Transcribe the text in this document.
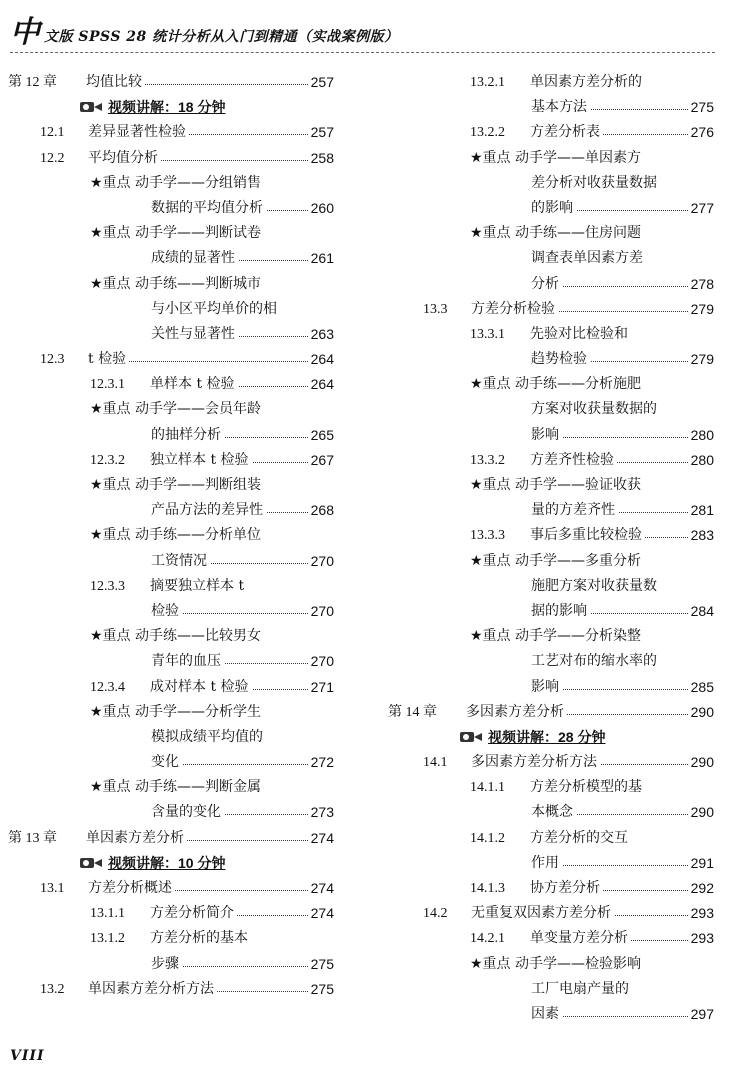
中 文版 SPSS 28 统计分析从入门到精通（实战案例版）
第 12 章 均值比较	257
视频讲解：18 分钟
12.1 差异显著性检验	257
12.2 平均值分析	258
★重点 动手学——分组销售
数据的平均值分析	260
★重点 动手学——判断试卷
成绩的显著性	261
★重点 动手练——判断城市
与小区平均单价的相
关性与显著性	263
12.3 t 检验	264
12.3.1 单样本 t 检验	264
★重点 动手学——会员年龄
的抽样分析	265
12.3.2 独立样本 t 检验	267
★重点 动手学——判断组装
产品方法的差异性	268
★重点 动手练——分析单位
工资情况	270
12.3.3 摘要独立样本 t
检验	270
★重点 动手练——比较男女
青年的血压	270
12.3.4 成对样本 t 检验	271
★重点 动手学——分析学生
模拟成绩平均值的
变化	272
★重点 动手练——判断金属
含量的变化	273
第 13 章 单因素方差分析	274
视频讲解：10 分钟
13.1 方差分析概述	274
13.1.1 方差分析简介	274
13.1.2 方差分析的基本
步骤	275
13.2 单因素方差分析方法	275
13.2.1 单因素方差分析的
基本方法	275
13.2.2 方差分析表	276
★重点 动手学——单因素方
差分析对收获量数据
的影响	277
★重点 动手练——住房问题
调查表单因素方差
分析	278
13.3 方差分析检验	279
13.3.1 先验对比检验和
趋势检验	279
★重点 动手练——分析施肥
方案对收获量数据的
影响	280
13.3.2 方差齐性检验	280
★重点 动手学——验证收获
量的方差齐性	281
13.3.3 事后多重比较检验	283
★重点 动手学——多重分析
施肥方案对收获量数
据的影响	284
★重点 动手学——分析染整
工艺对布的缩水率的
影响	285
第 14 章 多因素方差分析	290
视频讲解：28 分钟
14.1 多因素方差分析方法	290
14.1.1 方差分析模型的基
本概念	290
14.1.2 方差分析的交互
作用	291
14.1.3 协方差分析	292
14.2 无重复双因素方差分析	293
14.2.1 单变量方差分析	293
★重点 动手学——检验影响
工厂电扇产量的
因素	297
VIII
